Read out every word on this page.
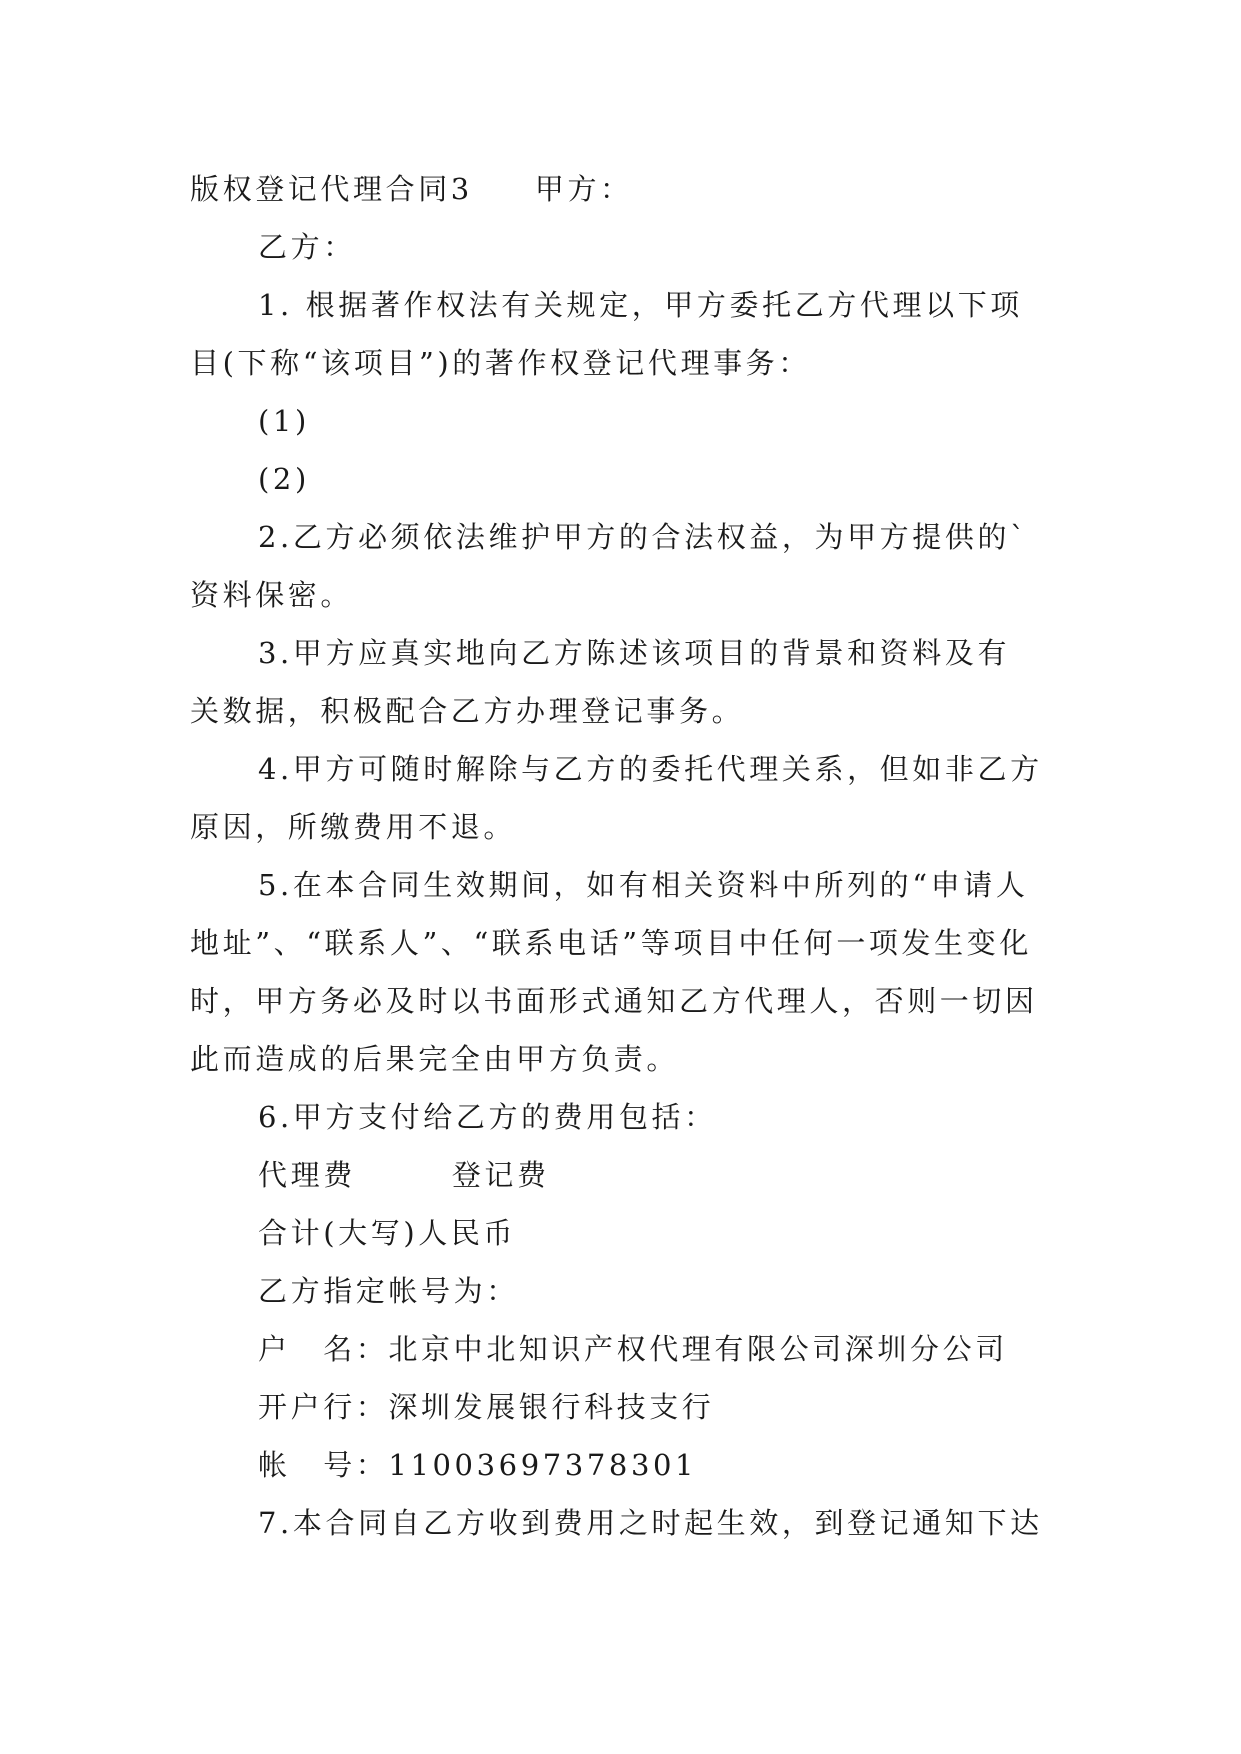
版权登记代理合同3 甲方：
乙方：
1. 根据著作权法有关规定，甲方委托乙方代理以下项
目(下称“该项目”)的著作权登记代理事务：
(1)
(2)
2.乙方必须依法维护甲方的合法权益，为甲方提供的`
资料保密。
3.甲方应真实地向乙方陈述该项目的背景和资料及有
关数据，积极配合乙方办理登记事务。
4.甲方可随时解除与乙方的委托代理关系，但如非乙方
原因，所缴费用不退。
5.在本合同生效期间，如有相关资料中所列的“申请人
地址”、“联系人”、“联系电话”等项目中任何一项发生变化
时，甲方务必及时以书面形式通知乙方代理人，否则一切因
此而造成的后果完全由甲方负责。
6.甲方支付给乙方的费用包括：
代理费	登记费
合计(大写)人民币
乙方指定帐号为：
户　名：北京中北知识产权代理有限公司深圳分公司
开户行：深圳发展银行科技支行
帐　号：11003697378301
7.本合同自乙方收到费用之时起生效，到登记通知下达
